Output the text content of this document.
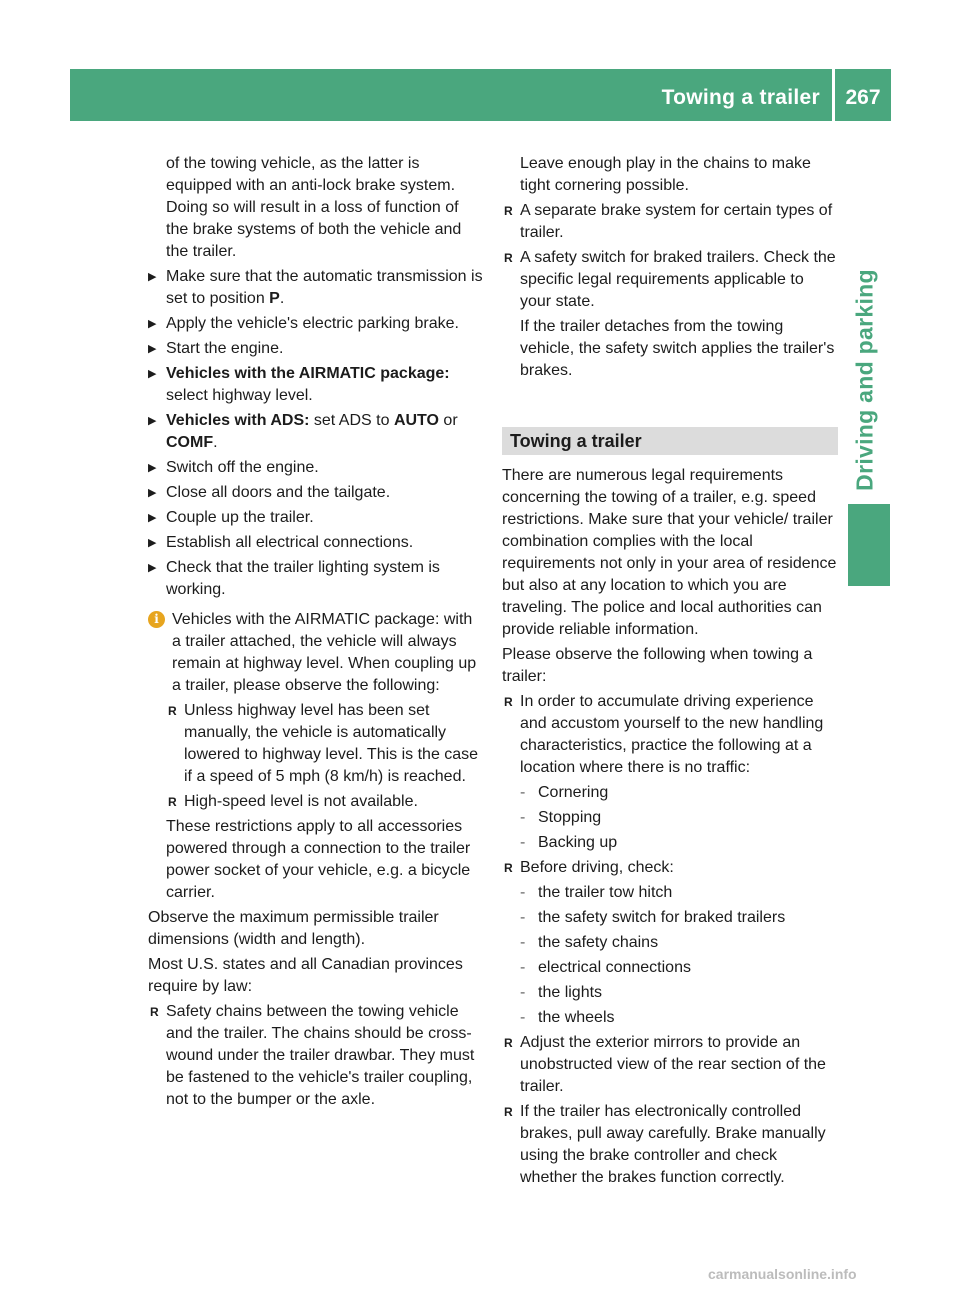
Towing a trailer	267
Driving and parking

of the towing vehicle, as the latter is equipped with an anti-lock brake system. Doing so will result in a loss of function of the brake systems of both the vehicle and the trailer.

▶ Make sure that the automatic transmission is set to position P.
▶ Apply the vehicle's electric parking brake.
▶ Start the engine.
▶ Vehicles with the AIRMATIC package:
select highway level.
▶ Vehicles with ADS: set ADS to AUTO or
COMF.
▶ Switch off the engine.
▶ Close all doors and the tailgate.
▶ Couple up the trailer.
▶ Establish all electrical connections.
▶ Check that the trailer lighting system is working.
i Vehicles with the AIRMATIC package: with a trailer attached, the vehicle will always remain at highway level. When coupling up a trailer, please observe the following:
R Unless highway level has been set manually, the vehicle is automatically lowered to highway level. This is the case if a speed of 5 mph (8 km/h) is reached.
R High-speed level is not available.

These restrictions apply to all accessories powered through a connection to the trailer power socket of your vehicle, e.g. a bicycle carrier.

Observe the maximum permissible trailer dimensions (width and length).

Most U.S. states and all Canadian provinces require by law:

R Safety chains between the towing vehicle and the trailer. The chains should be cross-wound under the trailer drawbar. They must be fastened to the vehicle's trailer coupling, not to the bumper or the axle.

Leave enough play in the chains to make tight cornering possible.

R A separate brake system for certain types of trailer.
R A safety switch for braked trailers. Check the specific legal requirements applicable to your state.

If the trailer detaches from the towing vehicle, the safety switch applies the trailer's brakes.

Towing a trailer

There are numerous legal requirements concerning the towing of a trailer, e.g. speed restrictions. Make sure that your vehicle/ trailer combination complies with the local requirements not only in your area of residence but also at any location to which you are traveling. The police and local authorities can provide reliable information.

Please observe the following when towing a trailer:

R In order to accumulate driving experience and accustom yourself to the new handling characteristics, practice the following at a location where there is no traffic:
- Cornering
- Stopping
- Backing up
R Before driving, check:
- the trailer tow hitch
- the safety switch for braked trailers
- the safety chains
- electrical connections
- the lights
- the wheels
R Adjust the exterior mirrors to provide an unobstructed view of the rear section of the trailer.
R If the trailer has electronically controlled brakes, pull away carefully. Brake manually using the brake controller and check whether the brakes function correctly.
carmanualsonline.info
